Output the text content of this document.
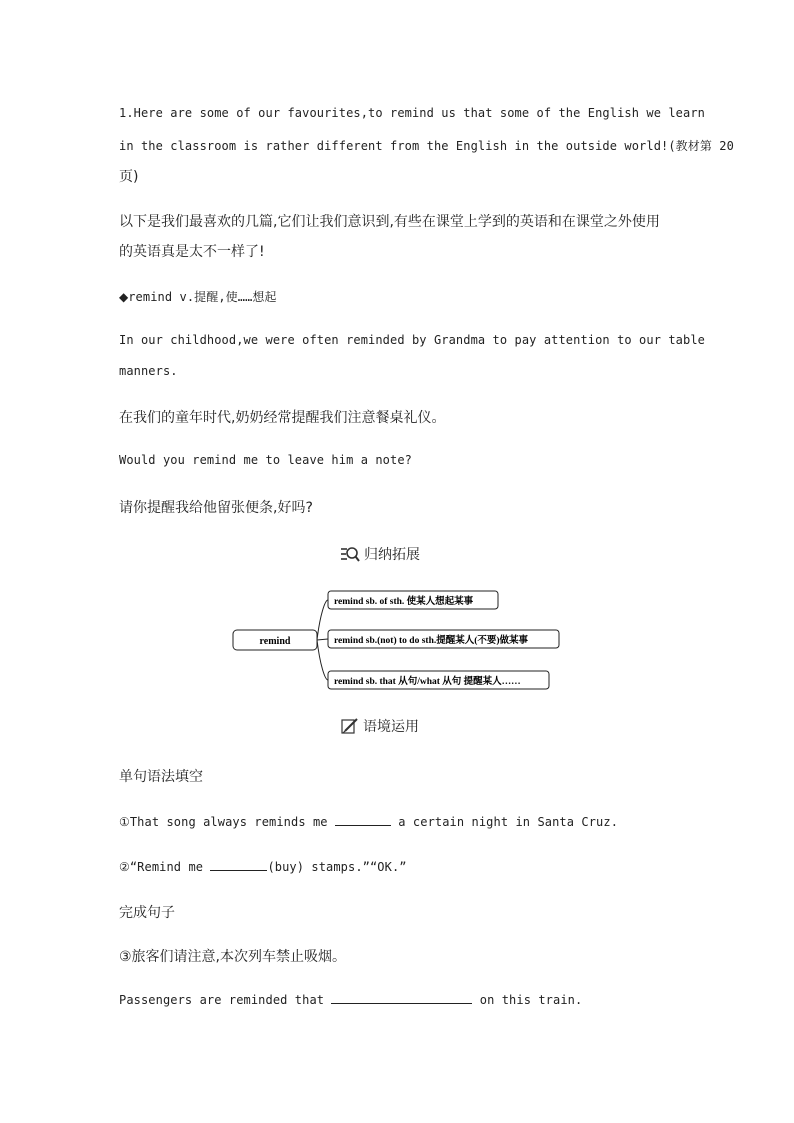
1.Here are some of our favourites,to remind us that some of the English we learn
in the classroom is rather different from the English in the outside world!(教材第 20
页)
以下是我们最喜欢的几篇,它们让我们意识到,有些在课堂上学到的英语和在课堂之外使用
的英语真是太不一样了!
◆remind v.提醒,使……想起
In our childhood,we were often reminded by Grandma to pay attention to our table
manners.
在我们的童年时代,奶奶经常提醒我们注意餐桌礼仪。
Would you remind me to leave him a note?
请你提醒我给他留张便条,好吗?
归纳拓展
remind
remind sb. of sth. 使某人想起某事
remind sb.(not) to do sth.提醒某人(不要)做某事
remind sb. that 从句/what 从句 提醒某人……
语境运用
单句语法填空
①That song always reminds me	a certain night in Santa Cruz.
②“Remind me	(buy) stamps.”“OK.”
完成句子
③旅客们请注意,本次列车禁止吸烟。
Passengers are reminded that	on this train.
